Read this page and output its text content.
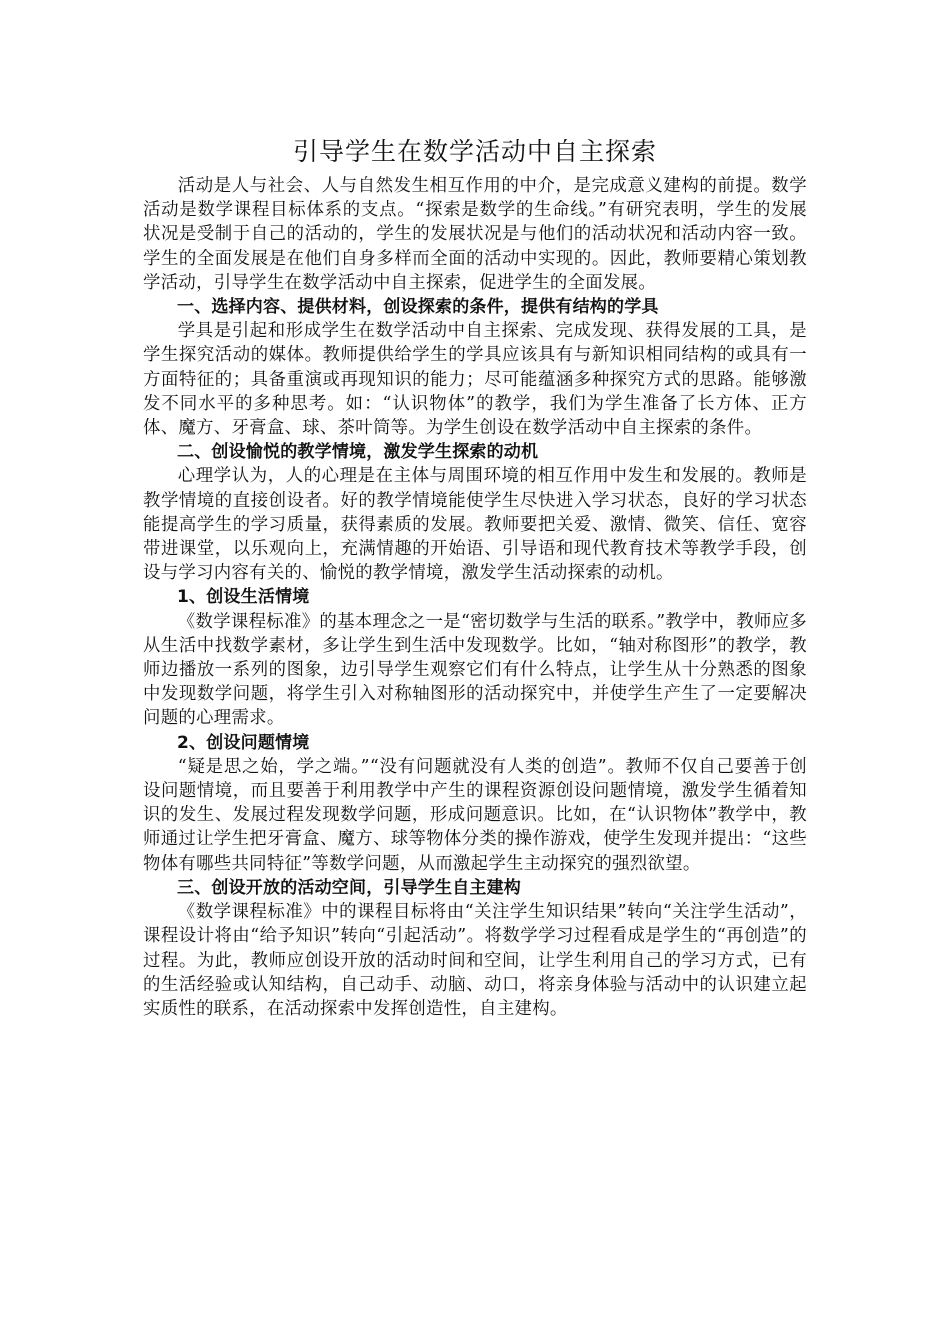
引导学生在数学活动中自主探索

活动是人与社会、人与自然发生相互作用的中介，是完成意义建构的前提。数学活动是数学课程目标体系的支点。“探索是数学的生命线。”有研究表明，学生的发展状况是受制于自己的活动的，学生的发展状况是与他们的活动状况和活动内容一致。学生的全面发展是在他们自身多样而全面的活动中实现的。因此，教师要精心策划教学活动，引导学生在数学活动中自主探索，促进学生的全面发展。

一、选择内容、提供材料，创设探索的条件，提供有结构的学具

学具是引起和形成学生在数学活动中自主探索、完成发现、获得发展的工具，是学生探究活动的媒体。教师提供给学生的学具应该具有与新知识相同结构的或具有一方面特征的；具备重演或再现知识的能力；尽可能蕴涵多种探究方式的思路。能够激发不同水平的多种思考。如：“认识物体”的教学，我们为学生准备了长方体、正方体、魔方、牙膏盒、球、茶叶筒等。为学生创设在数学活动中自主探索的条件。

二、创设愉悦的教学情境，激发学生探索的动机

心理学认为，人的心理是在主体与周围环境的相互作用中发生和发展的。教师是教学情境的直接创设者。好的教学情境能使学生尽快进入学习状态，良好的学习状态能提高学生的学习质量，获得素质的发展。教师要把关爱、激情、微笑、信任、宽容带进课堂，以乐观向上，充满情趣的开始语、引导语和现代教育技术等教学手段，创设与学习内容有关的、愉悦的教学情境，激发学生活动探索的动机。

1、创设生活情境

《数学课程标准》的基本理念之一是“密切数学与生活的联系。”教学中，教师应多从生活中找数学素材，多让学生到生活中发现数学。比如，“轴对称图形”的教学，教师边播放一系列的图象，边引导学生观察它们有什么特点，让学生从十分熟悉的图象中发现数学问题，将学生引入对称轴图形的活动探究中，并使学生产生了一定要解决问题的心理需求。

2、创设问题情境

“疑是思之始，学之端。”“没有问题就没有人类的创造”。教师不仅自己要善于创设问题情境，而且要善于利用教学中产生的课程资源创设问题情境，激发学生循着知识的发生、发展过程发现数学问题，形成问题意识。比如，在“认识物体”教学中，教师通过让学生把牙膏盒、魔方、球等物体分类的操作游戏，使学生发现并提出：“这些物体有哪些共同特征”等数学问题，从而激起学生主动探究的强烈欲望。

三、创设开放的活动空间，引导学生自主建构

《数学课程标准》中的课程目标将由“关注学生知识结果”转向“关注学生活动”，课程设计将由“给予知识”转向“引起活动”。将数学学习过程看成是学生的“再创造”的过程。为此，教师应创设开放的活动时间和空间，让学生利用自己的学习方式，已有的生活经验或认知结构，自己动手、动脑、动口，将亲身体验与活动中的认识建立起实质性的联系，在活动探索中发挥创造性，自主建构。
